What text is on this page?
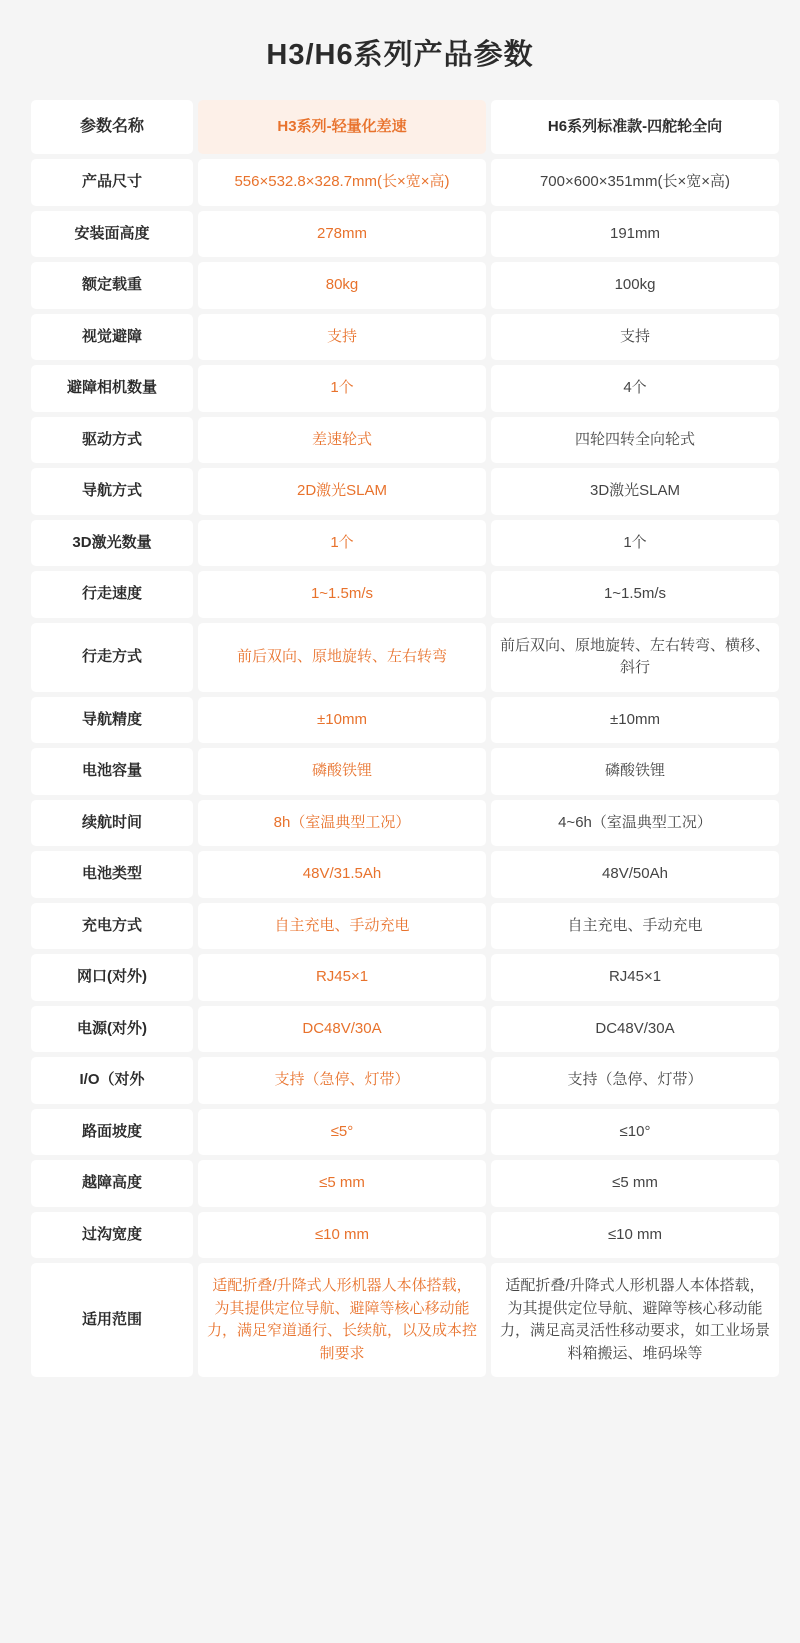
H3/H6系列产品参数
参数名称	H3系列-轻量化差速	H6系列标准款-四舵轮全向
产品尺寸	556×532.8×328.7mm(长×宽×高)	700×600×351mm(长×宽×高)
安装面高度	278mm	191mm
额定载重	80kg	100kg
视觉避障	支持	支持
避障相机数量	1个	4个
驱动方式	差速轮式	四轮四转全向轮式
导航方式	2D激光SLAM	3D激光SLAM
3D激光数量	1个	1个
行走速度	1~1.5m/s	1~1.5m/s
行走方式	前后双向、原地旋转、左右转弯	前后双向、原地旋转、左右转弯、横移、斜行
导航精度	±10mm	±10mm
电池容量	磷酸铁锂	磷酸铁锂
续航时间	8h（室温典型工况）	4~6h（室温典型工况）
电池类型	48V/31.5Ah	48V/50Ah
充电方式	自主充电、手动充电	自主充电、手动充电
网口(对外)	RJ45×1	RJ45×1
电源(对外)	DC48V/30A	DC48V/30A
I/O（对外	支持（急停、灯带）	支持（急停、灯带）
路面坡度	≤5°	≤10°
越障高度	≤5 mm	≤5 mm
过沟宽度	≤10 mm	≤10 mm
适用范围	适配折叠/升降式人形机器人本体搭载，为其提供定位导航、避障等核心移动能力，满足窄道通行、长续航，以及成本控制要求	适配折叠/升降式人形机器人本体搭载，为其提供定位导航、避障等核心移动能力，满足高灵活性移动要求，如工业场景料箱搬运、堆码垛等
